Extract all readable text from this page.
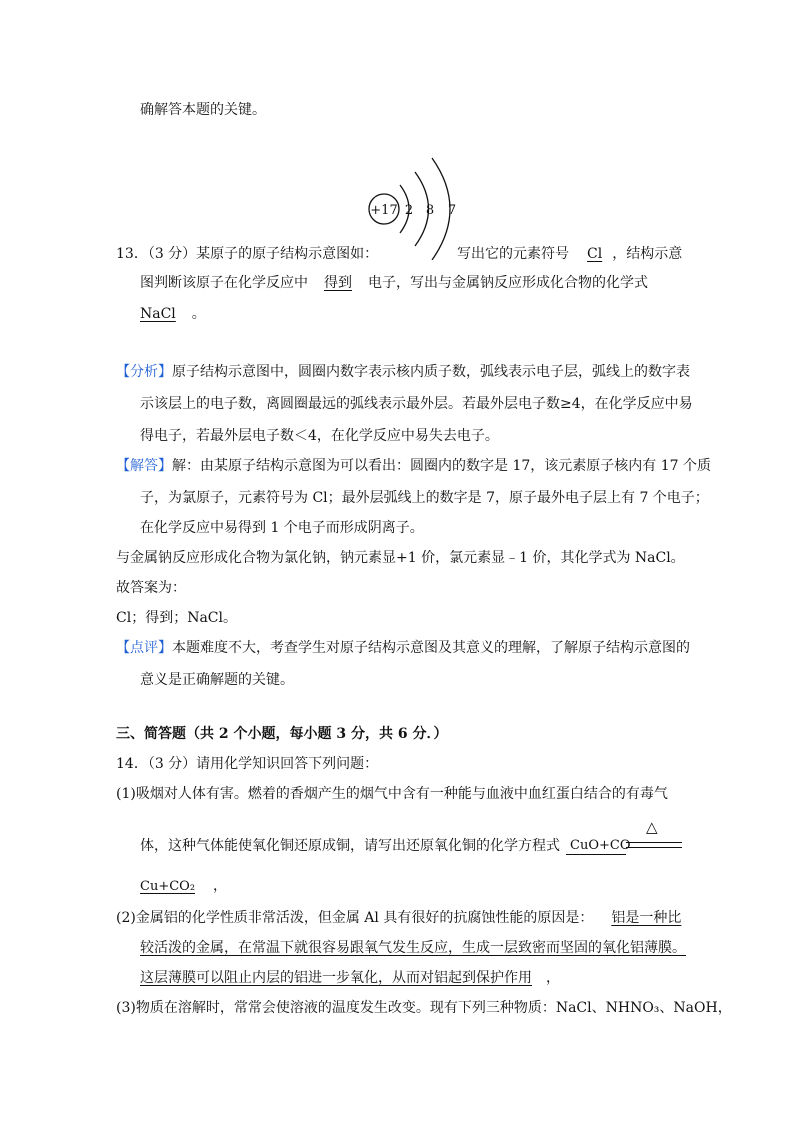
确解答本题的关键。
+17 2 8 7
13．（3 分）某原子的原子结构示意图如：	写出它的元素符号 Cl ，结构示意
图判断该原子在化学反应中 得到 电子，写出与金属钠反应形成化合物的化学式
NaCl 。
【分析】原子结构示意图中，圆圈内数字表示核内质子数，弧线表示电子层，弧线上的数字表
示该层上的电子数，离圆圈最远的弧线表示最外层。若最外层电子数≥4，在化学反应中易
得电子，若最外层电子数＜4，在化学反应中易失去电子。
【解答】解：由某原子结构示意图为可以看出：圆圈内的数字是 17，该元素原子核内有 17 个质
子，为氯原子，元素符号为 Cl；最外层弧线上的数字是 7，原子最外电子层上有 7 个电子；
在化学反应中易得到 1 个电子而形成阴离子。
与金属钠反应形成化合物为氯化钠，钠元素显+1 价，氯元素显﹣1 价，其化学式为 NaCl。
故答案为：
Cl；得到；NaCl。
【点评】本题难度不大，考查学生对原子结构示意图及其意义的理解，了解原子结构示意图的
意义是正确解题的关键。
三、简答题（共 2 个小题，每小题 3 分，共 6 分．）
14．（3 分）请用化学知识回答下列问题：
(1)吸烟对人体有害。燃着的香烟产生的烟气中含有一种能与血液中血红蛋白结合的有毒气
体，这种气体能使氧化铜还原成铜，请写出还原氧化铜的化学方程式 CuO+CO
△
Cu+CO₂ ，
(2)金属铝的化学性质非常活泼，但金属 Al 具有很好的抗腐蚀性能的原因是： 铝是一种比
较活泼的金属，在常温下就很容易跟氧气发生反应，生成一层致密而坚固的氧化铝薄膜。
这层薄膜可以阻止内层的铝进一步氧化，从而对铝起到保护作用 ，
(3)物质在溶解时，常常会使溶液的温度发生改变。现有下列三种物质：NaCl、NHNO₃、NaOH，
